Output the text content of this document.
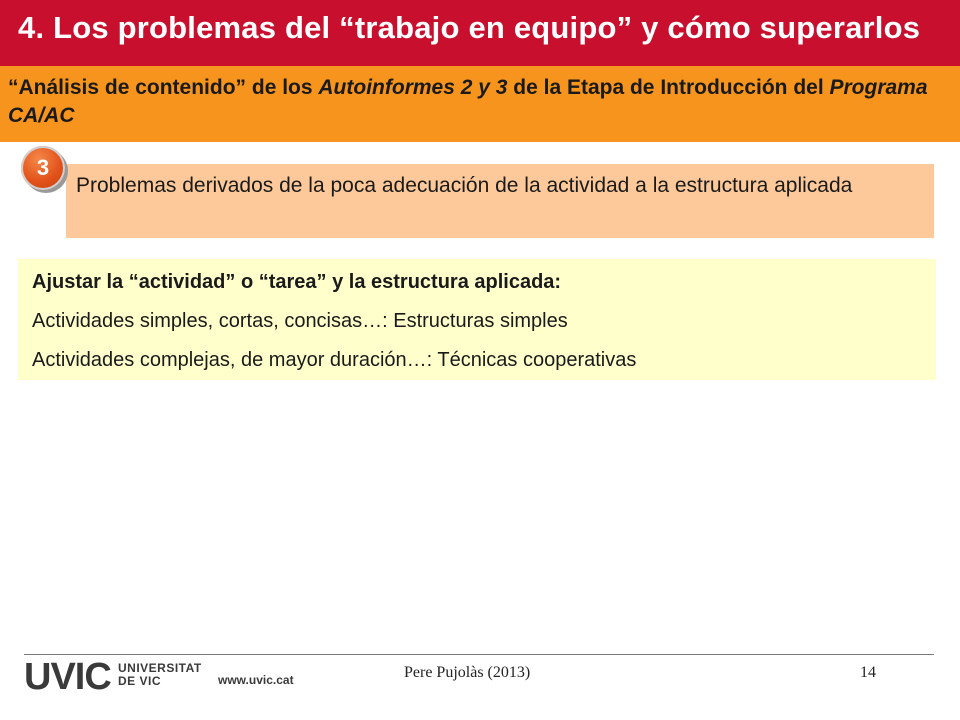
4. Los problemas del “trabajo en equipo” y cómo superarlos
“Análisis de contenido” de los Autoinformes 2 y 3 de la Etapa de Introducción del Programa CA/AC
Problemas derivados de la poca adecuación de la actividad a la estructura aplicada
3
Ajustar la “actividad” o “tarea” y la estructura aplicada:
Actividades simples, cortas, concisas…: Estructuras simples
Actividades complejas, de mayor duración…: Técnicas cooperativas
UVIC UNIVERSITAT
DE VIC	www.uvic.cat	Pere Pujolàs (2013)	14
